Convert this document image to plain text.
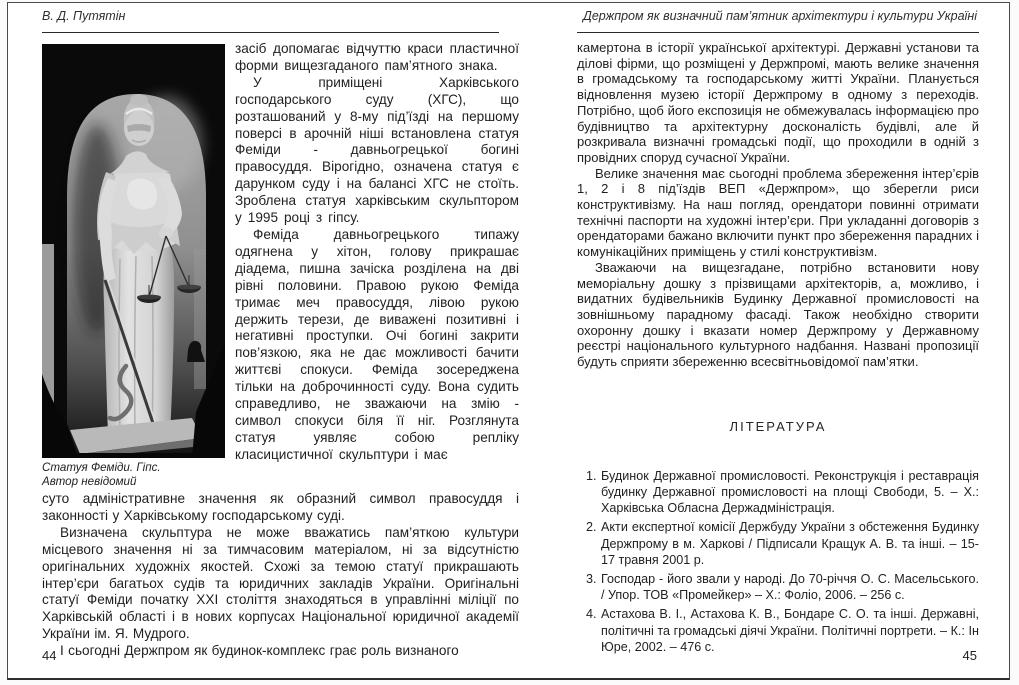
В. Д. Путятін	Держпром як визначний пам’ятник архітектури і культури Україні
Статуя Феміди. Гіпс.
Автор невідомий

засіб допомагає відчуттю краси пластичної форми вищезгаданого пам’ятного знака.

У приміщені Харківського господарського суду (ХГС), що розташований у 8-му під’їзді на першому поверсі в арочній ніші встановлена статуя Феміди - давньогрецької богині правосуддя. Вірогідно, означена статуя є дарунком суду і на балансі ХГС не стоїть. Зроблена статуя харківським скульптором у 1995 році з гіпсу.

Феміда давньогрецького типажу одягнена у хітон, голову прикрашає діадема, пишна зачіска розділена на дві рівні половини. Правою рукою Феміда тримає меч правосуддя, лівою рукою держить терези, де виважені позитивні і негативні проступки. Очі богині закрити пов’язкою, яка не дає можливості бачити життєві спокуси. Феміда зосереджена тільки на доброчинності суду. Вона судить справедливо, не зважаючи на змію - символ спокуси біля її ніг. Розглянута статуя уявляє собою репліку класицистичної скульптури і має

суто адміністративне значення як образний символ правосуддя і законності у Харківському господарському суді.

Визначена скульптура не може вважатись пам’яткою культури місцевого значення ні за тимчасовим матеріалом, ні за відсутністю оригінальних художніх якостей. Схожі за темою статуї прикрашають інтер’єри багатьох судів та юридичних закладів України. Оригінальні статуї Феміди початку XXI століття знаходяться в управлінні міліції по Харківській області і в нових корпусах Національної юридичної академії України ім. Я. Мудрого.

І сьогодні Держпром як будинок-комплекс грає роль визнаного

камертона в історії української архітектурі. Державні установи та ділові фірми, що розміщені у Держпромі, мають велике значення в громадському та господарському житті України. Планується відновлення музею історії Держпрому в одному з переходів. Потрібно, щоб його експозиція не обмежувалась інформацією про будівництво та архітектурну досконалість будівлі, але й розкривала визначні громадські події, що проходили в одній з провідних споруд сучасної України.

Велике значення має сьогодні проблема збереження інтер’єрів 1, 2 і 8 під’їздів ВЕП «Держпром», що зберегли риси конструктивізму. На наш погляд, орендатори повинні отримати технічні паспорти на художні інтер’єри. При укладанні договорів з орендаторами бажано включити пункт про збереження парадних і комунікаційних приміщень у стилі конструктивізм.

Зважаючи на вищезгадане, потрібно встановити нову меморіальну дошку з прізвищами архітекторів, а, можливо, і видатних будівельників Будинку Державної промисловості на зовнішньому парадному фасаді. Також необхідно створити охоронну дошку і вказати номер Держпрому у Державному реєстрі національного культурного надбання. Названі пропозиції будуть сприяти збереженню всесвітньовідомої пам’ятки.

ЛІТЕРАТУРА
1. Будинок Державної промисловості. Реконструкція і реставрація будинку Державної промисловості на площі Свободи, 5. – Х.: Харківська Обласна Держадміністрація.
2. Акти експертної комісії Держбуду України з обстеження Будинку Держпрому в м. Харкові / Підписали Кращук А. В. та інші. – 15-17 травня 2001 р.
3. Господар - його звали у народі. До 70-річчя О. С. Масельського. / Упор. ТОВ «Промейкер» – Х.: Фоліо, 2006. – 256 с.
4. Астахова В. І., Астахова К. В., Бондаре С. О. та інші. Державні, політичні та громадські діячі України. Політичні портрети. – К.: Ін Юре, 2002. – 476 с.
44	45
